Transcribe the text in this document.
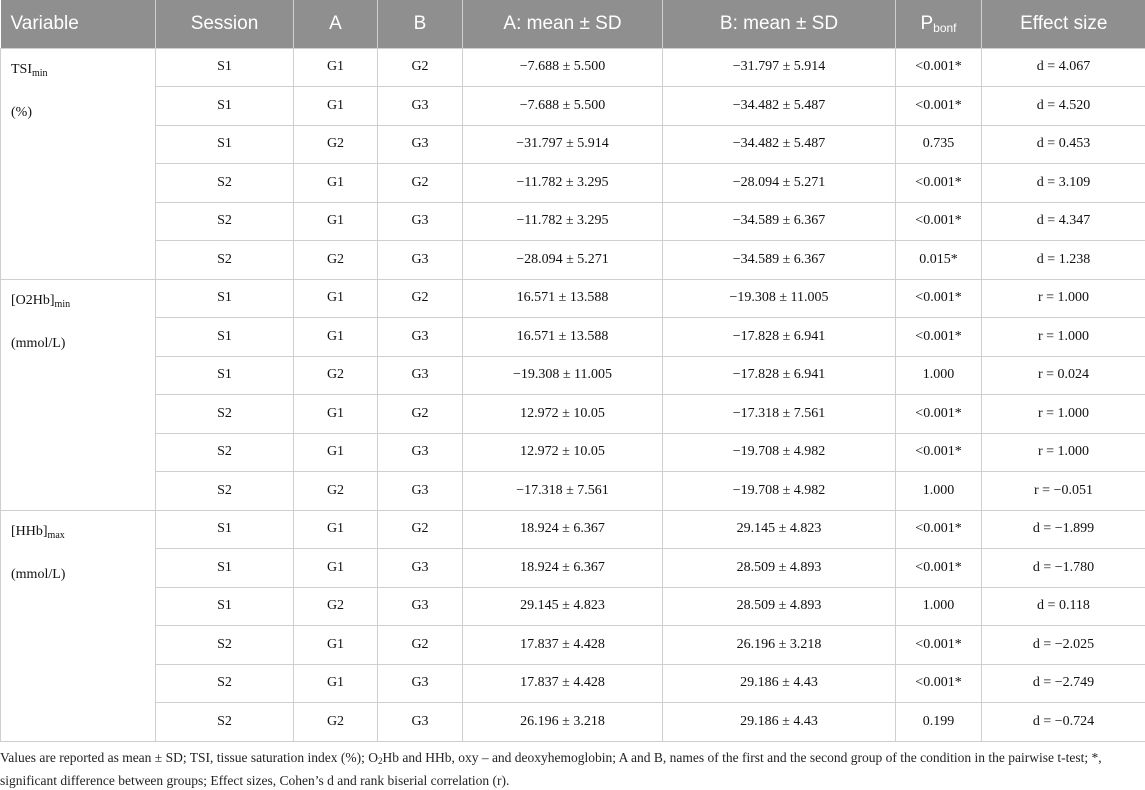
Variable	Session	A	B	A: mean ± SD	B: mean ± SD	$P_{bonf}$	Effect size

$TSI_{min}$
(%)	S1	G1	G2	−7.688 ± 5.500	−31.797 ± 5.914	<0.001*	d = 4.067
	S1	G1	G3	−7.688 ± 5.500	−34.482 ± 5.487	<0.001*	d = 4.520
	S1	G2	G3	−31.797 ± 5.914	−34.482 ± 5.487	0.735	d = 0.453
	S2	G1	G2	−11.782 ± 3.295	−28.094 ± 5.271	<0.001*	d = 3.109
	S2	G1	G3	−11.782 ± 3.295	−34.589 ± 6.367	<0.001*	d = 4.347
	S2	G2	G3	−28.094 ± 5.271	−34.589 ± 6.367	0.015*	d = 1.238

$[O2Hb]_{min}$
(mmol/L)	S1	G1	G2	16.571 ± 13.588	−19.308 ± 11.005	<0.001*	r = 1.000
	S1	G1	G3	16.571 ± 13.588	−17.828 ± 6.941	<0.001*	r = 1.000
	S1	G2	G3	−19.308 ± 11.005	−17.828 ± 6.941	1.000	r = 0.024
	S2	G1	G2	12.972 ± 10.05	−17.318 ± 7.561	<0.001*	r = 1.000
	S2	G1	G3	12.972 ± 10.05	−19.708 ± 4.982	<0.001*	r = 1.000
	S2	G2	G3	−17.318 ± 7.561	−19.708 ± 4.982	1.000	r = −0.051

$[HHb]_{max}$
(mmol/L)	S1	G1	G2	18.924 ± 6.367	29.145 ± 4.823	<0.001*	d = −1.899
	S1	G1	G3	18.924 ± 6.367	28.509 ± 4.893	<0.001*	d = −1.780
	S1	G2	G3	29.145 ± 4.823	28.509 ± 4.893	1.000	d = 0.118
	S2	G1	G2	17.837 ± 4.428	26.196 ± 3.218	<0.001*	d = −2.025
	S2	G1	G3	17.837 ± 4.428	29.186 ± 4.43	<0.001*	d = −2.749
	S2	G2	G3	26.196 ± 3.218	29.186 ± 4.43	0.199	d = −0.724
Values are reported as mean ± SD; TSI, tissue saturation index (%); $O_2Hb$ and HHb, oxy – and deoxyhemoglobin; A and B, names of the first and the second group of the condition in the pairwise t-test; *, significant difference between groups; Effect sizes, Cohen’s d and rank biserial correlation (r).
